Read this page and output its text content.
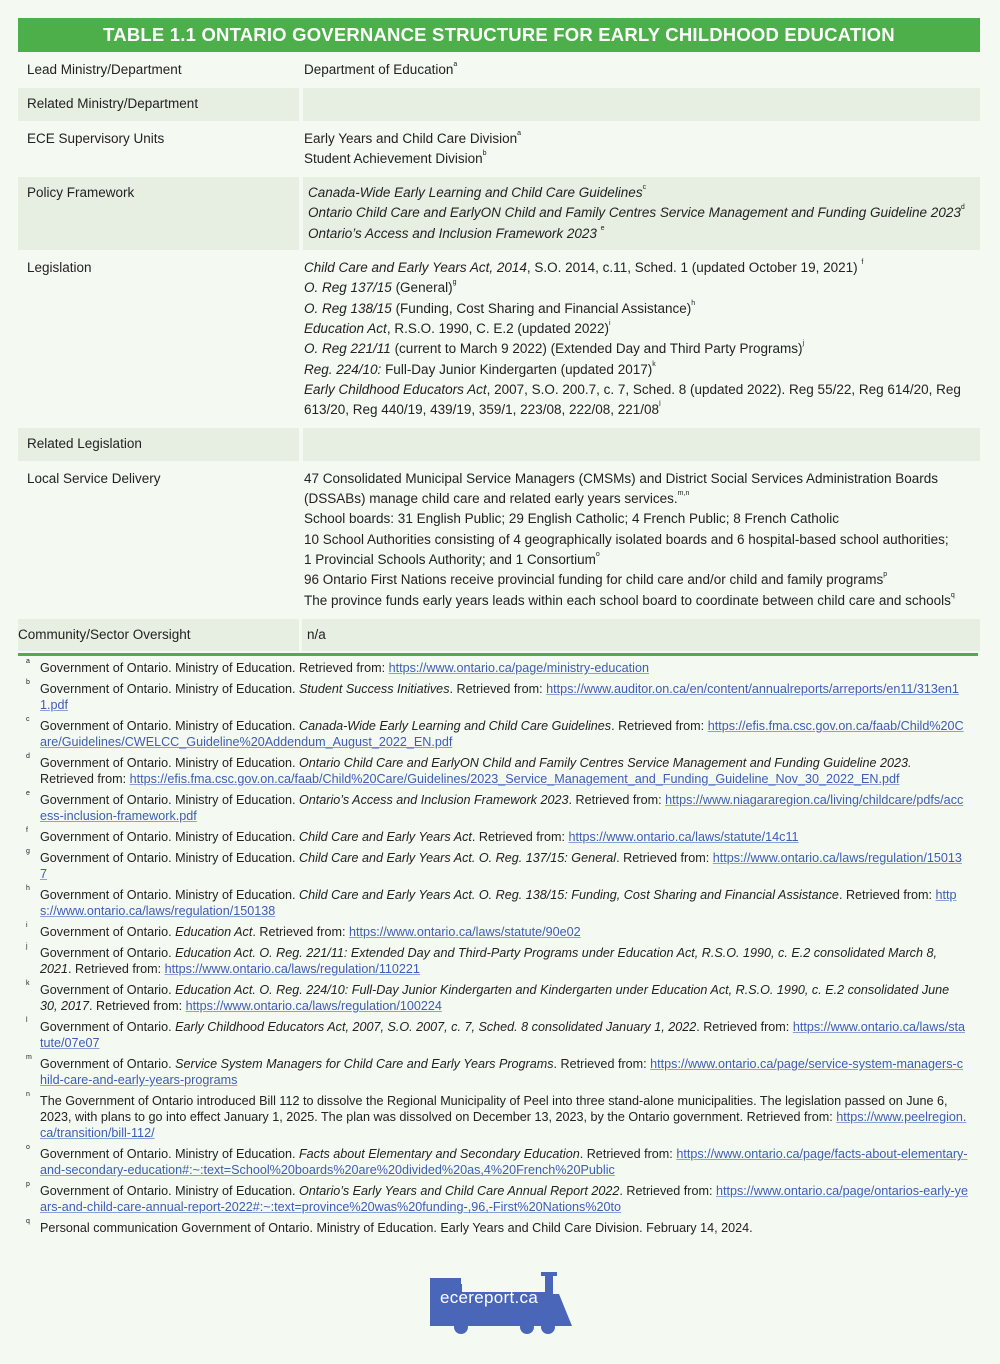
TABLE 1.1 ONTARIO GOVERNANCE STRUCTURE FOR EARLY CHILDHOOD EDUCATION
Lead Ministry/Department	Department of Education$^a$
Related Ministry/Department

ECE Supervisory Units	Early Years and Child Care Division$^a$
Student Achievement Division$^b$
Policy Framework	Canada-Wide Early Learning and Child Care Guidelines$^c$
Ontario Child Care and EarlyON Child and Family Centres Service Management and Funding Guideline 2023$^d$
Ontario’s Access and Inclusion Framework 2023 $^e$
Legislation	Child Care and Early Years Act, 2014, S.O. 2014, c.11, Sched. 1 (updated October 19, 2021) $^f$
O. Reg 137/15 (General)$^g$
O. Reg 138/15 (Funding, Cost Sharing and Financial Assistance)$^h$
Education Act, R.S.O. 1990, C. E.2 (updated 2022)$^i$
O. Reg 221/11 (current to March 9 2022) (Extended Day and Third Party Programs)$^j$
Reg. 224/10: Full-Day Junior Kindergarten (updated 2017)$^k$
Early Childhood Educators Act, 2007, S.O. 200.7, c. 7, Sched. 8 (updated 2022). Reg 55/22, Reg 614/20, Reg 613/20, Reg 440/19, 439/19, 359/1, 223/08, 222/08, 221/08$^l$
Related Legislation

Local Service Delivery	47 Consolidated Municipal Service Managers (CMSMs) and District Social Services Administration Boards (DSSABs) manage child care and related early years services.$^{m,n}$
School boards: 31 English Public; 29 English Catholic; 4 French Public; 8 French Catholic
10 School Authorities consisting of 4 geographically isolated boards and 6 hospital-based school authorities;
1 Provincial Schools Authority; and 1 Consortium$^o$
96 Ontario First Nations receive provincial funding for child care and/or child and family programs$^p$
The province funds early years leads within each school board to coordinate between child care and schools$^q$
Community/Sector Oversight	n/a
a Government of Ontario. Ministry of Education. Retrieved from: https://www.ontario.ca/page/ministry-education
b Government of Ontario. Ministry of Education. Student Success Initiatives. Retrieved from: https://www.auditor.on.ca/en/content/annualreports/arreports/en11/313en11.pdf
c Government of Ontario. Ministry of Education. Canada-Wide Early Learning and Child Care Guidelines. Retrieved from: https://efis.fma.csc.gov.on.ca/faab/Child%20Care/Guidelines/CWELCC_Guideline%20Addendum_August_2022_EN.pdf
d Government of Ontario. Ministry of Education. Ontario Child Care and EarlyON Child and Family Centres Service Management and Funding Guideline 2023. Retrieved from: https://efis.fma.csc.gov.on.ca/faab/Child%20Care/Guidelines/2023_Service_Management_and_Funding_Guideline_Nov_30_2022_EN.pdf
e Government of Ontario. Ministry of Education. Ontario’s Access and Inclusion Framework 2023. Retrieved from: https://www.niagararegion.ca/living/childcare/pdfs/access-inclusion-framework.pdf
f Government of Ontario. Ministry of Education. Child Care and Early Years Act. Retrieved from: https://www.ontario.ca/laws/statute/14c11
g Government of Ontario. Ministry of Education. Child Care and Early Years Act. O. Reg. 137/15: General. Retrieved from: https://www.ontario.ca/laws/regulation/150137
h Government of Ontario. Ministry of Education. Child Care and Early Years Act. O. Reg. 138/15: Funding, Cost Sharing and Financial Assistance. Retrieved from: https://www.ontario.ca/laws/regulation/150138
i Government of Ontario. Education Act. Retrieved from: https://www.ontario.ca/laws/statute/90e02
j Government of Ontario. Education Act. O. Reg. 221/11: Extended Day and Third-Party Programs under Education Act, R.S.O. 1990, c. E.2 consolidated March 8, 2021. Retrieved from: https://www.ontario.ca/laws/regulation/110221
k Government of Ontario. Education Act. O. Reg. 224/10: Full-Day Junior Kindergarten and Kindergarten under Education Act, R.S.O. 1990, c. E.2 consolidated June 30, 2017. Retrieved from: https://www.ontario.ca/laws/regulation/100224
l Government of Ontario. Early Childhood Educators Act, 2007, S.O. 2007, c. 7, Sched. 8 consolidated January 1, 2022. Retrieved from: https://www.ontario.ca/laws/statute/07e07
m Government of Ontario. Service System Managers for Child Care and Early Years Programs. Retrieved from: https://www.ontario.ca/page/service-system-managers-child-care-and-early-years-programs
n The Government of Ontario introduced Bill 112 to dissolve the Regional Municipality of Peel into three stand-alone municipalities. The legislation passed on June 6, 2023, with plans to go into effect January 1, 2025. The plan was dissolved on December 13, 2023, by the Ontario government. Retrieved from: https://www.peelregion.ca/transition/bill-112/
o Government of Ontario. Ministry of Education. Facts about Elementary and Secondary Education. Retrieved from: https://www.ontario.ca/page/facts-about-elementary-and-secondary-education#:~:text=School%20boards%20are%20divided%20as,4%20French%20Public
p Government of Ontario. Ministry of Education. Ontario’s Early Years and Child Care Annual Report 2022. Retrieved from: https://www.ontario.ca/page/ontarios-early-years-and-child-care-annual-report-2022#:~:text=province%20was%20funding-,96,-First%20Nations%20to
q Personal communication Government of Ontario. Ministry of Education. Early Years and Child Care Division. February 14, 2024.
ecereport.ca
